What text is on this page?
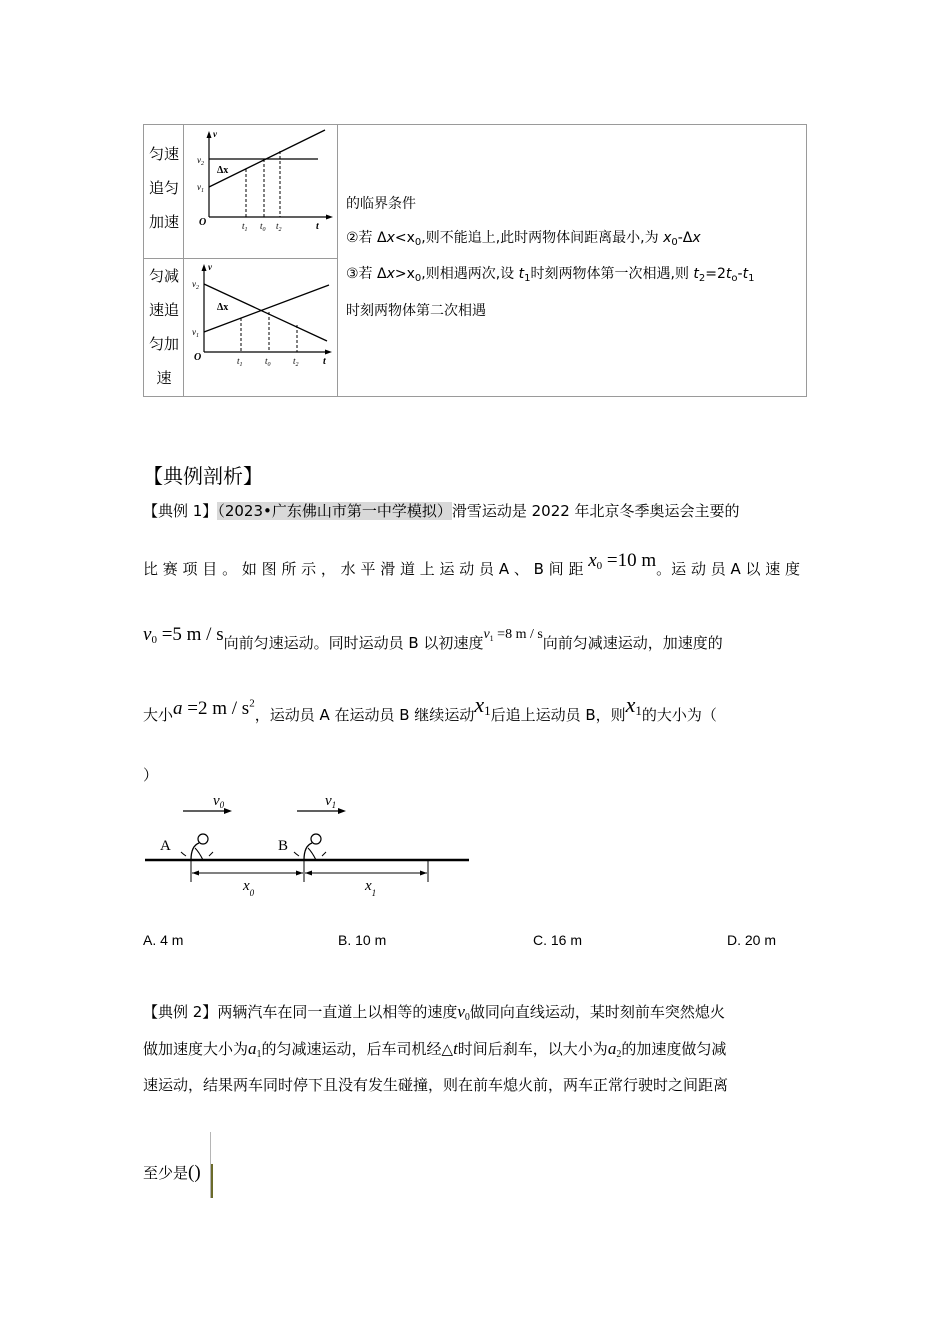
匀速
追匀
加速
匀减
速追
匀加
速
v
$v_2$
$v_1$
Δx
O	$t_1$ $t_0$ $t_2$	t
v
$v_2$
$v_1$
Δx
O	$t_1$ $t_0$ $t_2$ t
的临界条件
②若 $\Delta x<x_0$,则不能追上,此时两物体间距离最小,为 $x_0-\Delta x$
③若 $\Delta x>x_0$,则相遇两次,设 $t_1$时刻两物体第一次相遇,则 $t_2=2t_o-t_1$
时刻两物体第二次相遇
【典例剖析】
【典例 1】（2023•广东佛山市第一中学模拟）滑雪运动是 2022 年北京冬季奥运会主要的
比 赛 项 目 。 如 图 所 示 ， 水 平 滑 道 上 运 动 员 A 、 B 间 距 x0 =10 m。运 动 员 A 以 速 度
v0 =5 m / s向前匀速运动。同时运动员 B 以初速度$v_1 =8$ m / s向前匀减速运动，加速度的
大小a =2 m / $s^2$，运动员 A 在运动员 B 继续运动x1后追上运动员 B，则x1的大小为（
）
$v_0$	$v_1$
A	B
$x_0$	$x_1$
A. 4 m	B. 10 m	C. 16 m	D. 20 m
【典例 2】两辆汽车在同一直道上以相等的速度$v_0$做同向直线运动，某时刻前车突然熄火
做加速度大小为$a_1$的匀减速运动，后车司机经△t时间后刹车，以大小为$a_2$的加速度做匀减
速运动，结果两车同时停下且没有发生碰撞，则在前车熄火前，两车正常行驶时之间距离
至少是()
